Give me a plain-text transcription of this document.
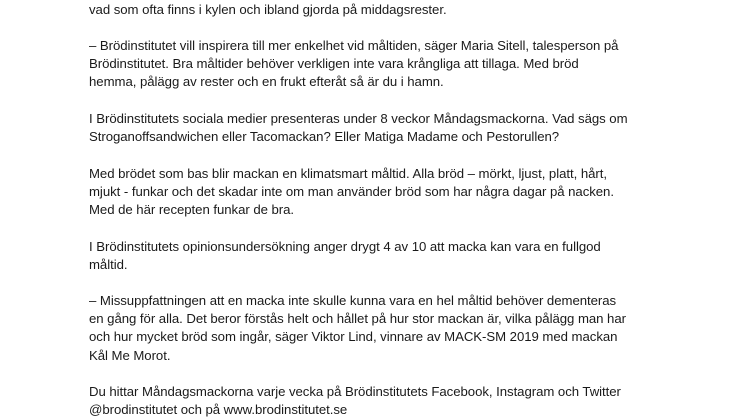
vad som ofta finns i kylen och ibland gjorda på middagsrester.

– Brödinstitutet vill inspirera till mer enkelhet vid måltiden, säger Maria Sitell, talesperson på
Brödinstitutet. Bra måltider behöver verkligen inte vara krångliga att tillaga. Med bröd
hemma, pålägg av rester och en frukt efteråt så är du i hamn.

I Brödinstitutets sociala medier presenteras under 8 veckor Måndagsmackorna. Vad sägs om
Stroganoffsandwichen eller Tacomackan? Eller Matiga Madame och Pestorullen?

Med brödet som bas blir mackan en klimatsmart måltid. Alla bröd – mörkt, ljust, platt, hårt,
mjukt - funkar och det skadar inte om man använder bröd som har några dagar på nacken.
Med de här recepten funkar de bra.

I Brödinstitutets opinionsundersökning anger drygt 4 av 10 att macka kan vara en fullgod
måltid.

– Missuppfattningen att en macka inte skulle kunna vara en hel måltid behöver dementeras
en gång för alla. Det beror förstås helt och hållet på hur stor mackan är, vilka pålägg man har
och hur mycket bröd som ingår, säger Viktor Lind, vinnare av MACK-SM 2019 med mackan
Kål Me Morot.

Du hittar Måndagsmackorna varje vecka på Brödinstitutets Facebook, Instagram och Twitter
@brodinstitutet och på www.brodinstitutet.se
